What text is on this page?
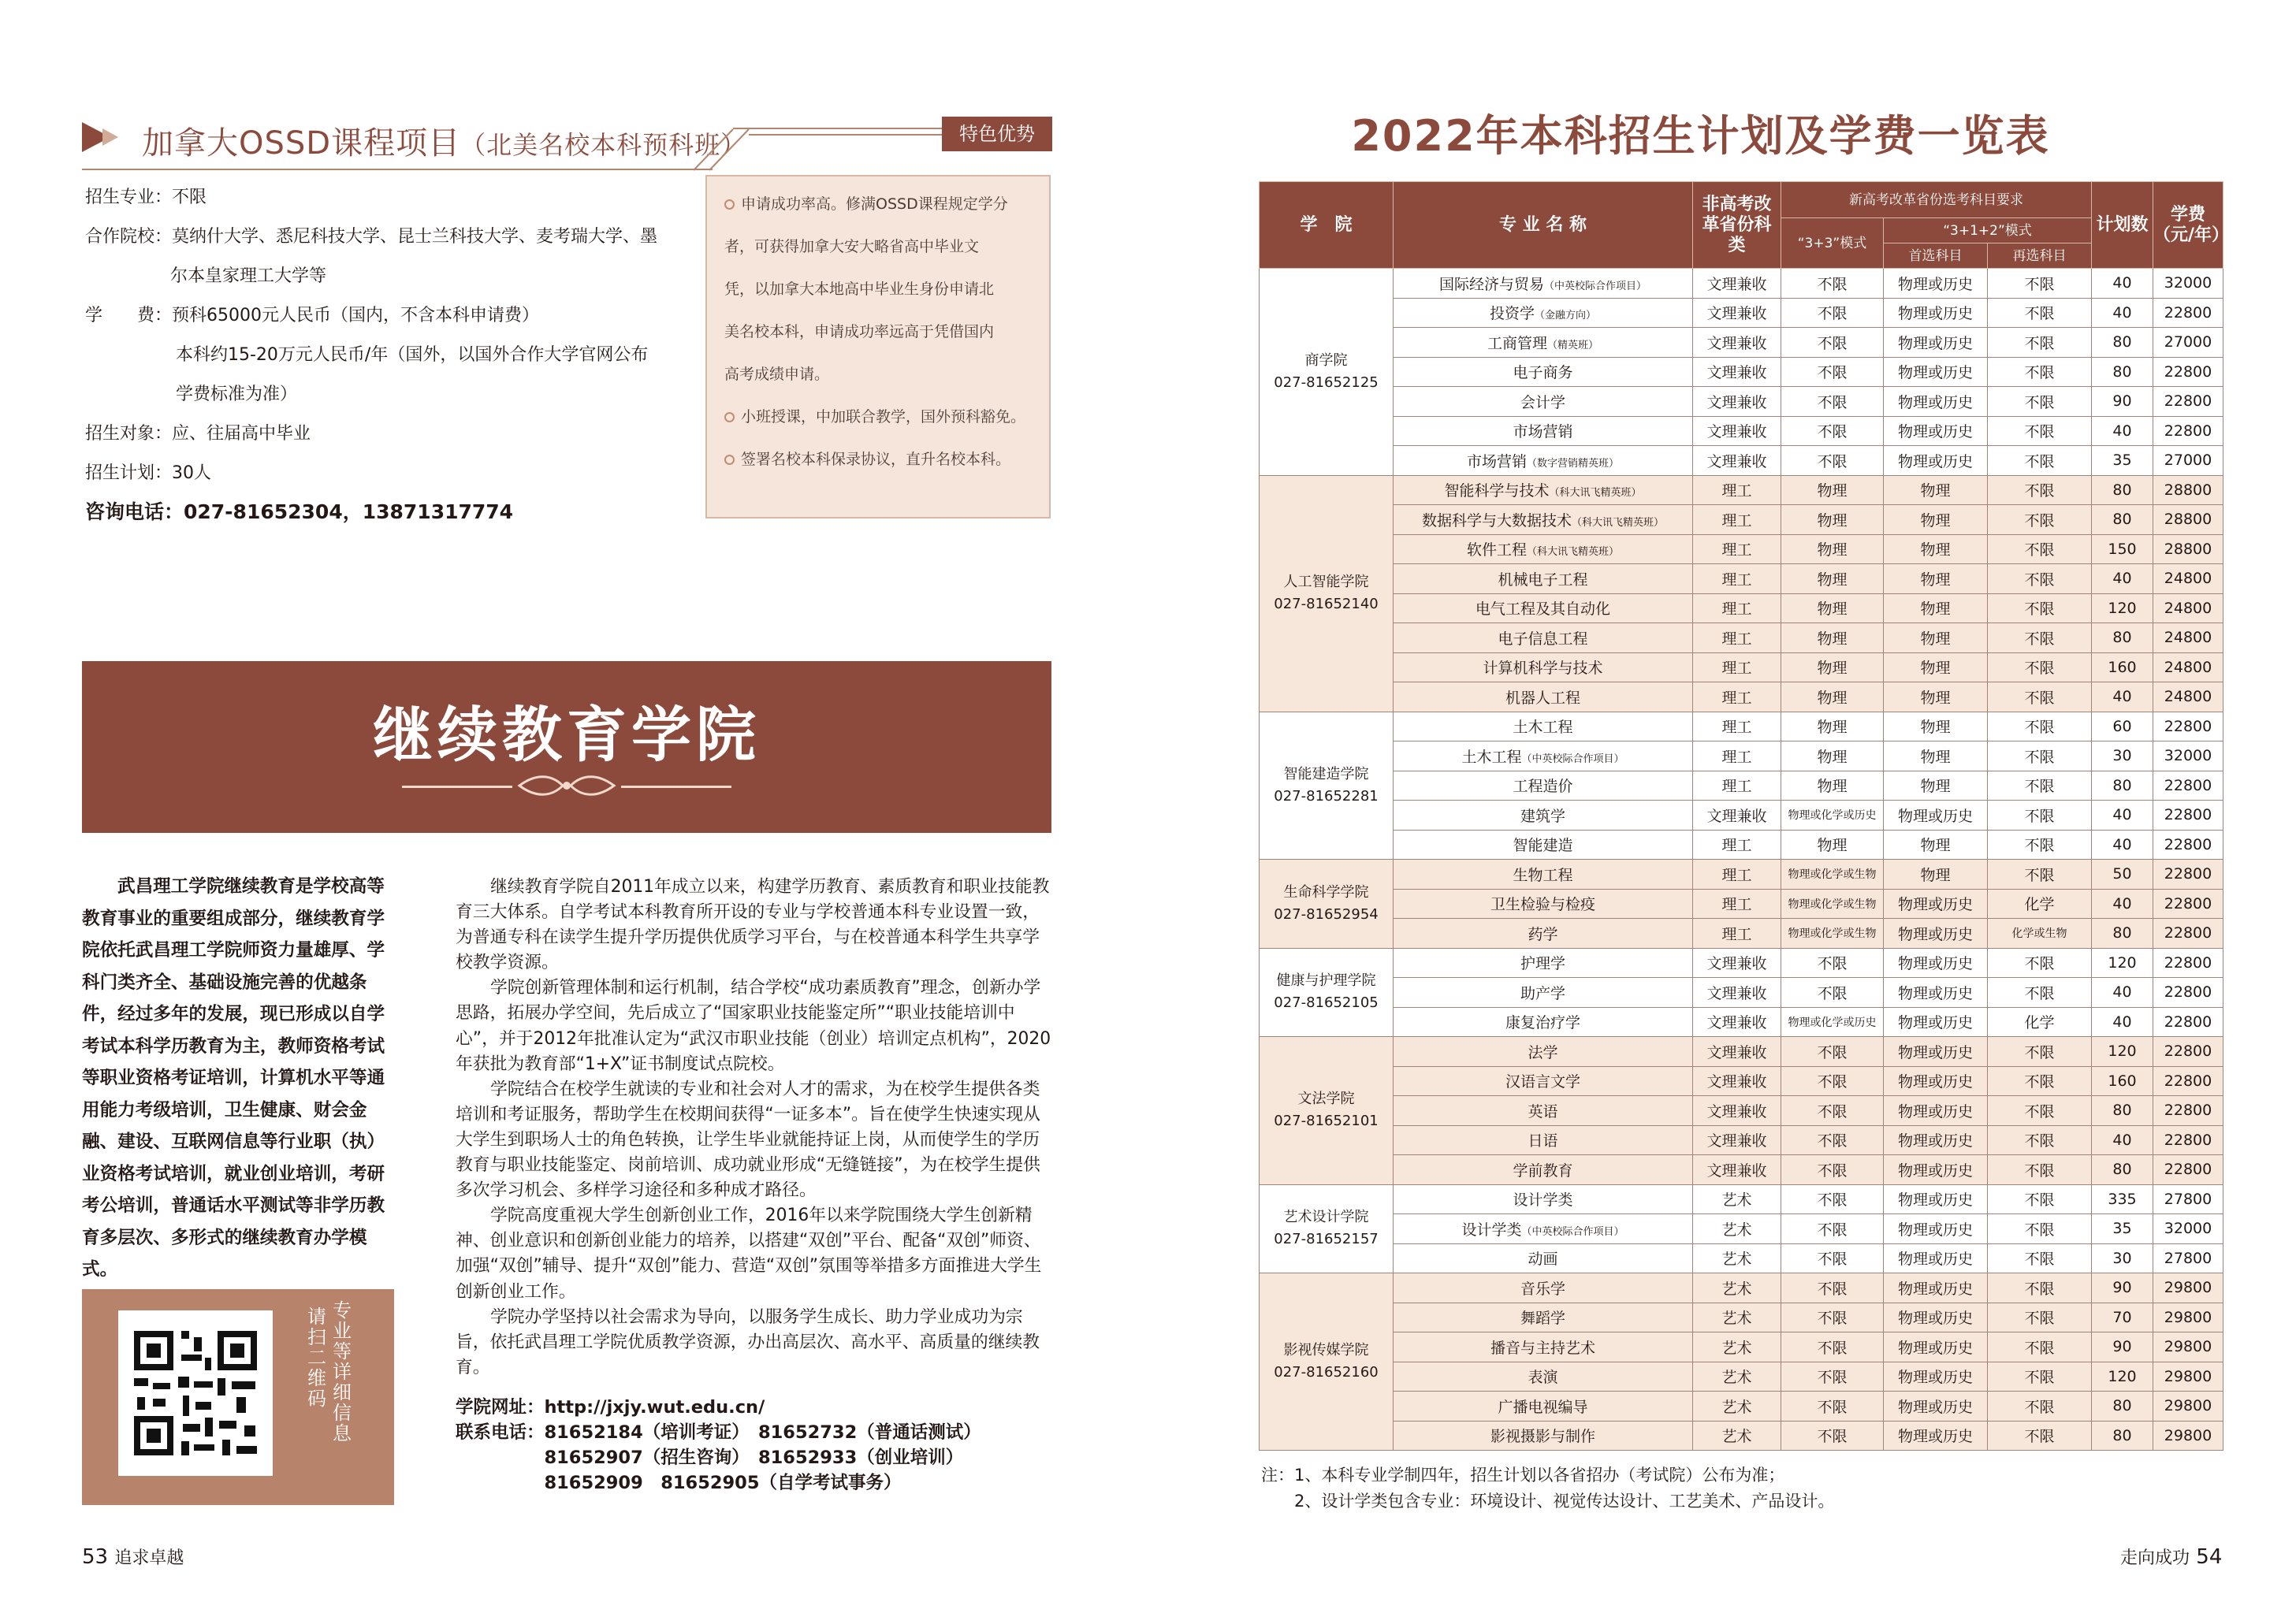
加拿大OSSD课程项目（北美名校本科预科班）	特色优势
招生专业：不限
合作院校：莫纳什大学、悉尼科技大学、昆士兰科技大学、麦考瑞大学、墨
尔本皇家理工大学等
学　　费：预科65000元人民币（国内，不含本科申请费）
本科约15-20万元人民币/年（国外，以国外合作大学官网公布
学费标准为准）
招生对象：应、往届高中毕业
招生计划：30人
咨询电话：027-81652304，13871317774
申请成功率高。修满OSSD课程规定学分
者，可获得加拿大安大略省高中毕业文
凭，以加拿大本地高中毕业生身份申请北
美名校本科，申请成功率远高于凭借国内
高考成绩申请。
小班授课，中加联合教学，国外预科豁免。
签署名校本科保录协议，直升名校本科。
继续教育学院
武昌理工学院继续教育是学校高等教育事业的重要组成部分，继续教育学院依托武昌理工学院师资力量雄厚、学科门类齐全、基础设施完善的优越条件，经过多年的发展，现已形成以自学考试本科学历教育为主，教师资格考试等职业资格考证培训，计算机水平等通用能力考级培训，卫生健康、财会金融、建设、互联网信息等行业职（执）业资格考试培训，就业创业培训，考研考公培训，普通话水平测试等非学历教育多层次、多形式的继续教育办学模式。

继续教育学院自2011年成立以来，构建学历教育、素质教育和职业技能教育三大体系。自学考试本科教育所开设的专业与学校普通本科专业设置一致，为普通专科在读学生提升学历提供优质学习平台，与在校普通本科学生共享学校教学资源。

学院创新管理体制和运行机制，结合学校“成功素质教育”理念，创新办学思路，拓展办学空间，先后成立了“国家职业技能鉴定所”“职业技能培训中心”，并于2012年批准认定为“武汉市职业技能（创业）培训定点机构”，2020年获批为教育部“1+X”证书制度试点院校。

学院结合在校学生就读的专业和社会对人才的需求，为在校学生提供各类培训和考证服务，帮助学生在校期间获得“一证多本”。旨在使学生快速实现从大学生到职场人士的角色转换，让学生毕业就能持证上岗，从而使学生的学历教育与职业技能鉴定、岗前培训、成功就业形成“无缝链接”，为在校学生提供多次学习机会、多样学习途径和多种成才路径。

学院高度重视大学生创新创业工作，2016年以来学院围绕大学生创新精神、创业意识和创新创业能力的培养，以搭建“双创”平台、配备“双创”师资、加强“双创”辅导、提升“双创”能力、营造“双创”氛围等举措多方面推进大学生创新创业工作。

学院办学坚持以社会需求为导向，以服务学生成长、助力学业成功为宗旨，依托武昌理工学院优质教学资源，办出高层次、高水平、高质量的继续教育。

请扫二维码
专业等详细信息
学院网址：http://jxjy.wut.edu.cn/
联系电话：81652184（培训考证）　81652732（普通话测试）
　　　　　81652907（招生咨询）　81652933（创业培训）
　　　　　81652909　81652905（自学考试事务）
53 追求卓越
2022年本科招生计划及学费一览表
学　院	专 业 名 称	非高考改革省份科类	新高考改革省份选考科目要求			计划数	学费（元/年）
			“3+3”模式	“3+1+2”模式			
				首选科目	再选科目		

商学院
027-81652125	国际经济与贸易（中英校际合作项目）	文理兼收	不限	物理或历史	不限	40	32000
	投资学（金融方向）	文理兼收	不限	物理或历史	不限	40	22800
	工商管理（精英班）	文理兼收	不限	物理或历史	不限	80	27000
	电子商务	文理兼收	不限	物理或历史	不限	80	22800
	会计学	文理兼收	不限	物理或历史	不限	90	22800
	市场营销	文理兼收	不限	物理或历史	不限	40	22800
	市场营销（数字营销精英班）	文理兼收	不限	物理或历史	不限	35	27000

人工智能学院
027-81652140	智能科学与技术（科大讯飞精英班）	理工	物理	物理	不限	80	28800
	数据科学与大数据技术（科大讯飞精英班）	理工	物理	物理	不限	80	28800
	软件工程（科大讯飞精英班）	理工	物理	物理	不限	150	28800
	机械电子工程	理工	物理	物理	不限	40	24800
	电气工程及其自动化	理工	物理	物理	不限	120	24800
	电子信息工程	理工	物理	物理	不限	80	24800
	计算机科学与技术	理工	物理	物理	不限	160	24800
	机器人工程	理工	物理	物理	不限	40	24800

智能建造学院
027-81652281	土木工程	理工	物理	物理	不限	60	22800
	土木工程（中英校际合作项目）	理工	物理	物理	不限	30	32000
	工程造价	理工	物理	物理	不限	80	22800
	建筑学	文理兼收	物理或化学或历史	物理或历史	不限	40	22800
	智能建造	理工	物理	物理	不限	40	22800

生命科学学院
027-81652954	生物工程	理工	物理或化学或生物	物理	不限	50	22800
	卫生检验与检疫	理工	物理或化学或生物	物理或历史	化学	40	22800
	药学	理工	物理或化学或生物	物理或历史	化学或生物	80	22800

健康与护理学院
027-81652105	护理学	文理兼收	不限	物理或历史	不限	120	22800
	助产学	文理兼收	不限	物理或历史	不限	40	22800
	康复治疗学	文理兼收	物理或化学或历史	物理或历史	化学	40	22800

文法学院
027-81652101	法学	文理兼收	不限	物理或历史	不限	120	22800
	汉语言文学	文理兼收	不限	物理或历史	不限	160	22800
	英语	文理兼收	不限	物理或历史	不限	80	22800
	日语	文理兼收	不限	物理或历史	不限	40	22800
	学前教育	文理兼收	不限	物理或历史	不限	80	22800

艺术设计学院
027-81652157	设计学类	艺术	不限	物理或历史	不限	335	27800
	设计学类（中英校际合作项目）	艺术	不限	物理或历史	不限	35	32000
	动画	艺术	不限	物理或历史	不限	30	27800

影视传媒学院
027-81652160	音乐学	艺术	不限	物理或历史	不限	90	29800
	舞蹈学	艺术	不限	物理或历史	不限	70	29800
	播音与主持艺术	艺术	不限	物理或历史	不限	90	29800
	表演	艺术	不限	物理或历史	不限	120	29800
	广播电视编导	艺术	不限	物理或历史	不限	80	29800
	影视摄影与制作	艺术	不限	物理或历史	不限	80	29800
注：1、本科专业学制四年，招生计划以各省招办（考试院）公布为准；
　　2、设计学类包含专业：环境设计、视觉传达设计、工艺美术、产品设计。
走向成功 54
